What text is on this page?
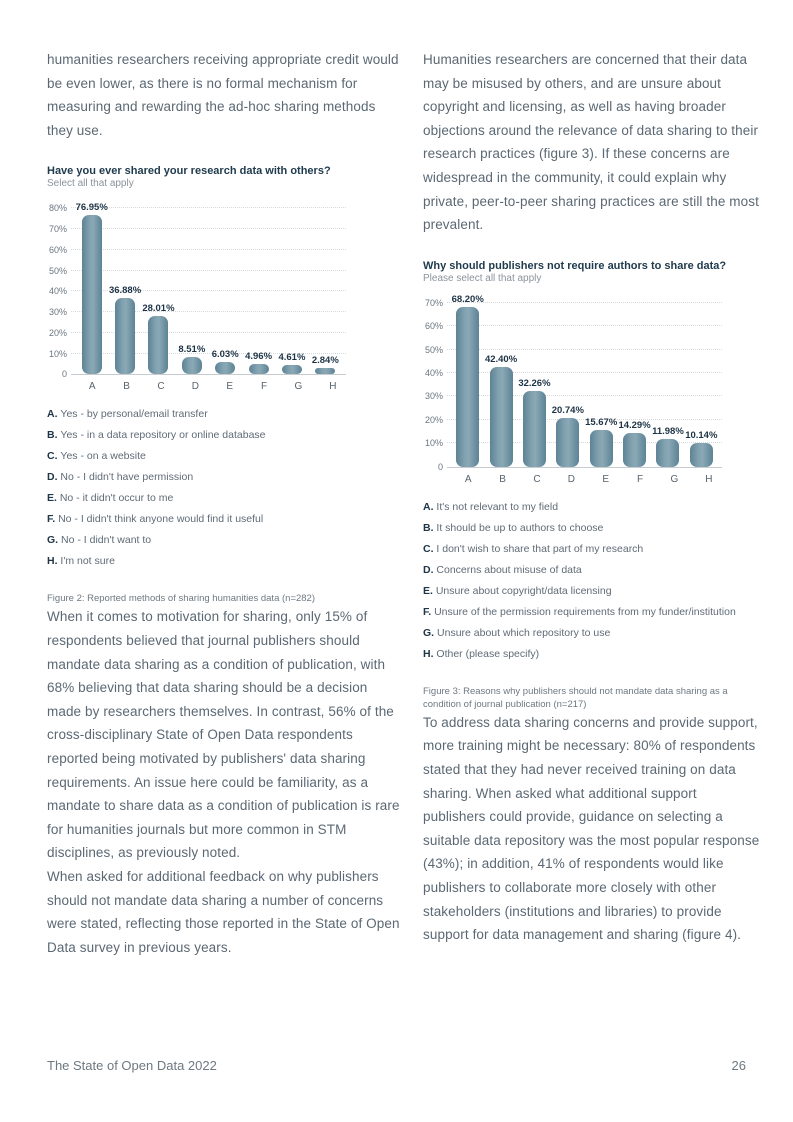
humanities researchers receiving appropriate credit would be even lower, as there is no formal mechanism for measuring and rewarding the ad-hoc sharing methods they use.

Have you ever shared your research data with others?
Select all that apply
10%
20%
30%
40%
50%
60%
70%
80%
0
76.95%
36.88%
28.01%
8.51% 6.03% 4.96% 4.61% 2.84%
A	B	C	D	E	F	G	H
A. Yes - by personal/email transfer
B. Yes - in a data repository or online database
C. Yes - on a website
D. No - I didn't have permission
E. No - it didn't occur to me
F. No - I didn't think anyone would find it useful
G. No - I didn't want to
H. I'm not sure
Figure 2: Reported methods of sharing humanities data (n=282)

When it comes to motivation for sharing, only 15% of respondents believed that journal publishers should mandate data sharing as a condition of publication, with 68% believing that data sharing should be a decision made by researchers themselves. In contrast, 56% of the cross-disciplinary State of Open Data respondents reported being motivated by publishers' data sharing requirements. An issue here could be familiarity, as a mandate to share data as a condition of publication is rare for humanities journals but more common in STM disciplines, as previously noted.

When asked for additional feedback on why publishers should not mandate data sharing a number of concerns were stated, reflecting those reported in the State of Open Data survey in previous years.

Humanities researchers are concerned that their data may be misused by others, and are unsure about copyright and licensing, as well as having broader objections around the relevance of data sharing to their research practices (figure 3). If these concerns are widespread in the community, it could explain why private, peer-to-peer sharing practices are still the most prevalent.

Why should publishers not require authors to share data?
Please select all that apply
10%
20%
30%
40%
50%
60%
70%
0
68.20%
42.40%
32.26%
20.74%
15.67% 14.29% 11.98% 10.14%
A	B	C	D	E	F	G	H
A. It's not relevant to my field
B. It should be up to authors to choose
C. I don't wish to share that part of my research
D. Concerns about misuse of data
E. Unsure about copyright/data licensing
F. Unsure of the permission requirements from my funder/institution
G. Unsure about which repository to use
H. Other (please specify)
Figure 3: Reasons why publishers should not mandate data sharing as a condition of journal publication (n=217)

To address data sharing concerns and provide support, more training might be necessary: 80% of respondents stated that they had never received training on data sharing. When asked what additional support publishers could provide, guidance on selecting a suitable data repository was the most popular response (43%); in addition, 41% of respondents would like publishers to collaborate more closely with other stakeholders (institutions and libraries) to provide support for data management and sharing (figure 4).

The State of Open Data 2022	26
